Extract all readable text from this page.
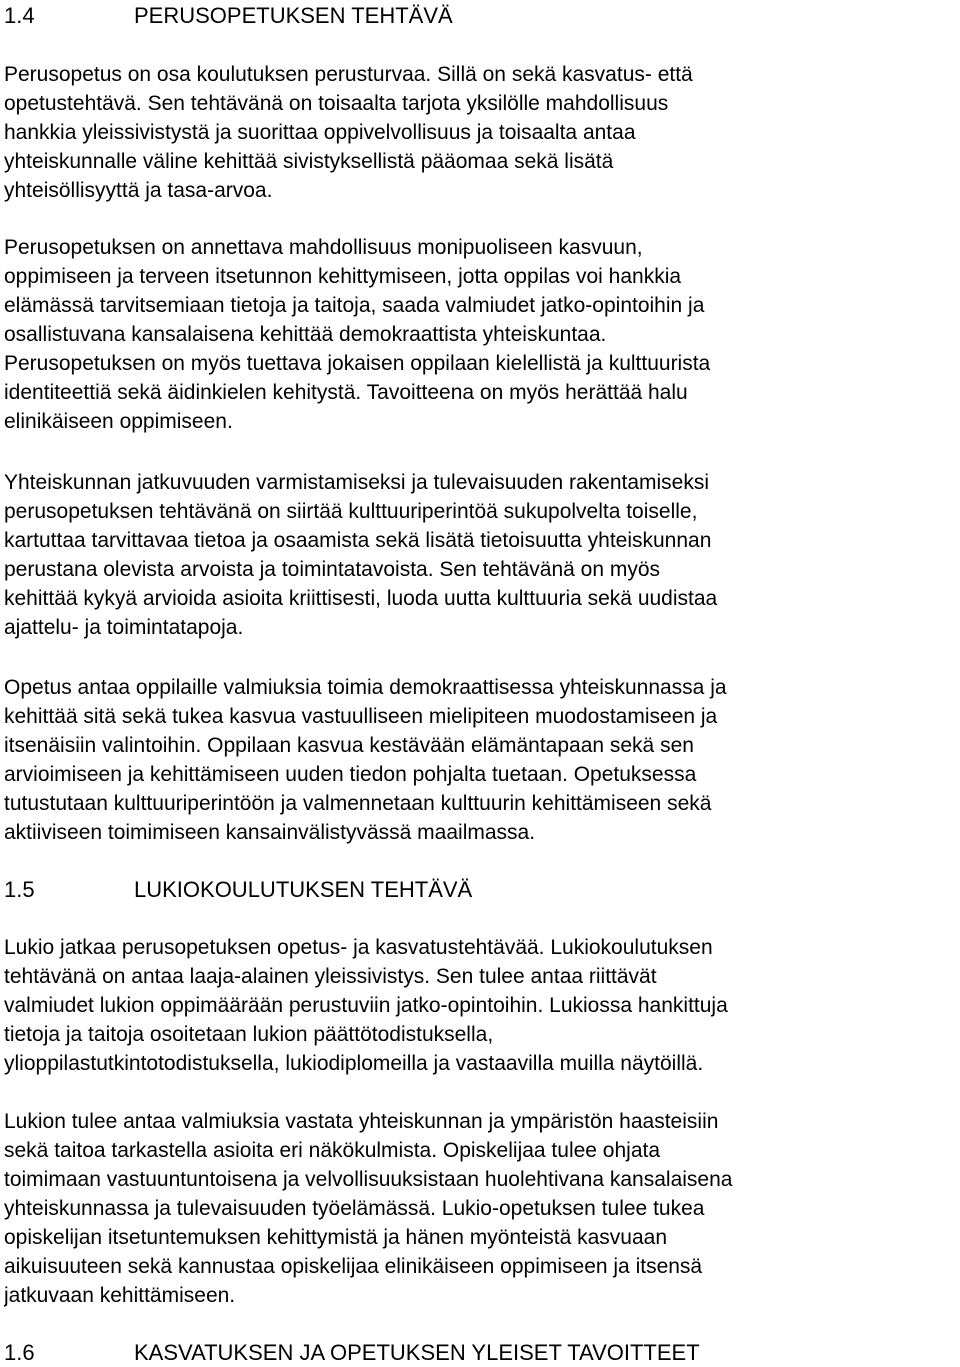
1.4	PERUSOPETUKSEN TEHTÄVÄ
Perusopetus on osa koulutuksen perusturvaa. Sillä on sekä kasvatus- että
opetustehtävä. Sen tehtävänä on toisaalta tarjota yksilölle mahdollisuus
hankkia yleissivistystä ja suorittaa oppivelvollisuus ja toisaalta antaa
yhteiskunnalle väline kehittää sivistyksellistä pääomaa sekä lisätä
yhteisöllisyyttä ja tasa-arvoa.
Perusopetuksen on annettava mahdollisuus monipuoliseen kasvuun,
oppimiseen ja terveen itsetunnon kehittymiseen, jotta oppilas voi hankkia
elämässä tarvitsemiaan tietoja ja taitoja, saada valmiudet jatko-opintoihin ja
osallistuvana kansalaisena kehittää demokraattista yhteiskuntaa.
Perusopetuksen on myös tuettava jokaisen oppilaan kielellistä ja kulttuurista
identiteettiä sekä äidinkielen kehitystä. Tavoitteena on myös herättää halu
elinikäiseen oppimiseen.
Yhteiskunnan jatkuvuuden varmistamiseksi ja tulevaisuuden rakentamiseksi
perusopetuksen tehtävänä on siirtää kulttuuriperintöä sukupolvelta toiselle,
kartuttaa tarvittavaa tietoa ja osaamista sekä lisätä tietoisuutta yhteiskunnan
perustana olevista arvoista ja toimintatavoista. Sen tehtävänä on myös
kehittää kykyä arvioida asioita kriittisesti, luoda uutta kulttuuria sekä uudistaa
ajattelu- ja toimintatapoja.
Opetus antaa oppilaille valmiuksia toimia demokraattisessa yhteiskunnassa ja
kehittää sitä sekä tukea kasvua vastuulliseen mielipiteen muodostamiseen ja
itsenäisiin valintoihin. Oppilaan kasvua kestävään elämäntapaan sekä sen
arvioimiseen ja kehittämiseen uuden tiedon pohjalta tuetaan. Opetuksessa
tutustutaan kulttuuriperintöön ja valmennetaan kulttuurin kehittämiseen sekä
aktiiviseen toimimiseen kansainvälistyvässä maailmassa.
1.5	LUKIOKOULUTUKSEN TEHTÄVÄ
Lukio jatkaa perusopetuksen opetus- ja kasvatustehtävää. Lukiokoulutuksen
tehtävänä on antaa laaja-alainen yleissivistys. Sen tulee antaa riittävät
valmiudet lukion oppimäärään perustuviin jatko-opintoihin. Lukiossa hankittuja
tietoja ja taitoja osoitetaan lukion päättötodistuksella,
ylioppilastutkintotodistuksella, lukiodiplomeilla ja vastaavilla muilla näytöillä.
Lukion tulee antaa valmiuksia vastata yhteiskunnan ja ympäristön haasteisiin
sekä taitoa tarkastella asioita eri näkökulmista. Opiskelijaa tulee ohjata
toimimaan vastuuntuntoisena ja velvollisuuksistaan huolehtivana kansalaisena
yhteiskunnassa ja tulevaisuuden työelämässä. Lukio-opetuksen tulee tukea
opiskelijan itsetuntemuksen kehittymistä ja hänen myönteistä kasvuaan
aikuisuuteen sekä kannustaa opiskelijaa elinikäiseen oppimiseen ja itsensä
jatkuvaan kehittämiseen.
1.6	KASVATUKSEN JA OPETUKSEN YLEISET TAVOITTEET
